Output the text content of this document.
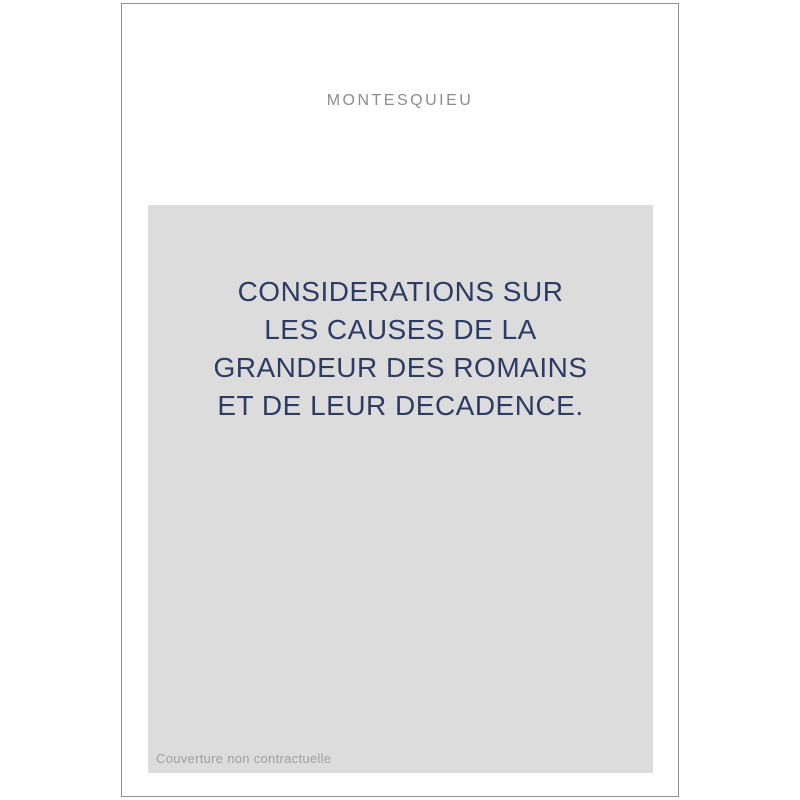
MONTESQUIEU
CONSIDERATIONS SUR
LES CAUSES DE LA
GRANDEUR DES ROMAINS
ET DE LEUR DECADENCE.
Couverture non contractuelle
